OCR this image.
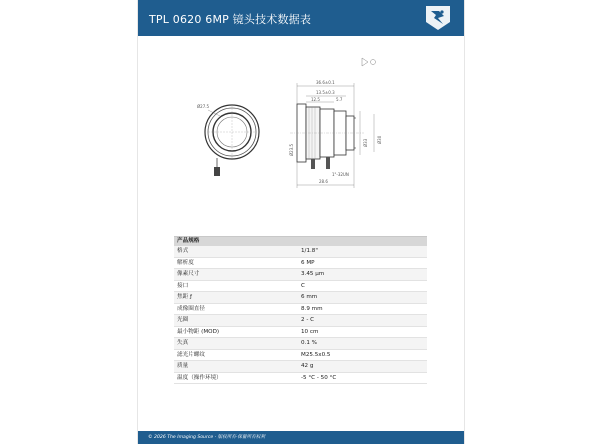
TPL 0620 6MP 镜头技术数据表
Ø27.5
36.6±0.1
13.5±0.3
12.5	5.7
Ø33 Ø30
Ø23.5
28.6
1"-32UN
产品规格
格式	1/1.8"
解析度	6 MP
像素尺寸	3.45 µm
接口	C
焦距 ƒ	6 mm
成像圈直径	8.9 mm
光圈	2 - C
最小物距 (MOD)	10 cm
失真	0.1 %
滤光片螺纹	M25.5x0.5
质量	42 g
温度（操作环境）	-5 °C - 50 °C
© 2026 The Imaging Source · 版权所有·保留所有权利
